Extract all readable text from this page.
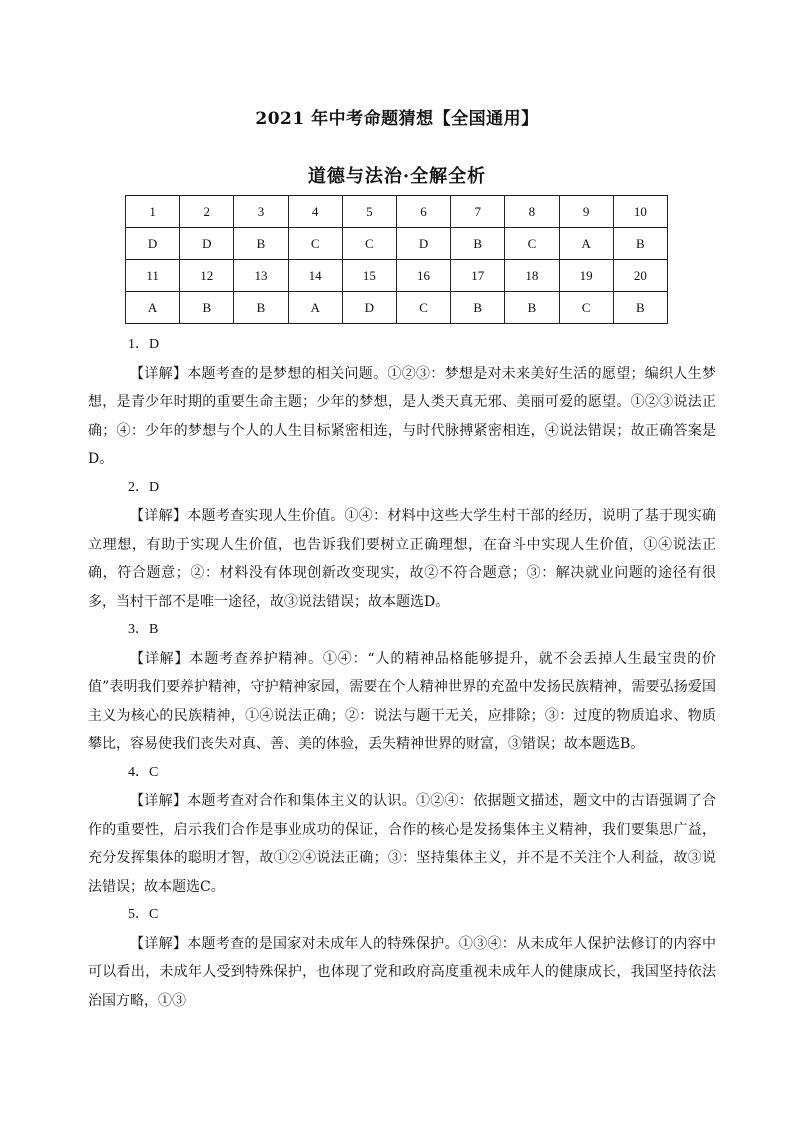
2021 年中考命题猜想【全国通用】
道德与法治·全解全析
1	2	3	4	5	6	7	8	9	10
D	D	B	C	C	D	B	C	A	B
11	12	13	14	15	16	17	18	19	20
A	B	B	A	D	C	B	B	C	B
1．D
【详解】本题考查的是梦想的相关问题。①②③：梦想是对未来美好生活的愿望；编织人生梦想，是青少年时期的重要生命主题；少年的梦想，是人类天真无邪、美丽可爱的愿望。①②③说法正确；④：少年的梦想与个人的人生目标紧密相连，与时代脉搏紧密相连，④说法错误；故正确答案是D。
2．D
【详解】本题考查实现人生价值。①④：材料中这些大学生村干部的经历，说明了基于现实确立理想，有助于实现人生价值，也告诉我们要树立正确理想，在奋斗中实现人生价值，①④说法正确，符合题意；②：材料没有体现创新改变现实，故②不符合题意；③：解决就业问题的途径有很多，当村干部不是唯一途径，故③说法错误；故本题选D。
3．B
【详解】本题考查养护精神。①④：“人的精神品格能够提升，就不会丢掉人生最宝贵的价值”表明我们要养护精神，守护精神家园，需要在个人精神世界的充盈中发扬民族精神，需要弘扬爱国主义为核心的民族精神，①④说法正确；②：说法与题干无关，应排除；③：过度的物质追求、物质攀比，容易使我们丧失对真、善、美的体验，丢失精神世界的财富，③错误；故本题选B。
4．C
【详解】本题考查对合作和集体主义的认识。①②④：依据题文描述，题文中的古语强调了合作的重要性，启示我们合作是事业成功的保证，合作的核心是发扬集体主义精神，我们要集思广益，充分发挥集体的聪明才智，故①②④说法正确；③：坚持集体主义，并不是不关注个人利益，故③说法错误；故本题选C。
5．C
【详解】本题考查的是国家对未成年人的特殊保护。①③④：从未成年人保护法修订的内容中可以看出，未成年人受到特殊保护，也体现了党和政府高度重视未成年人的健康成长，我国坚持依法治国方略，①③
